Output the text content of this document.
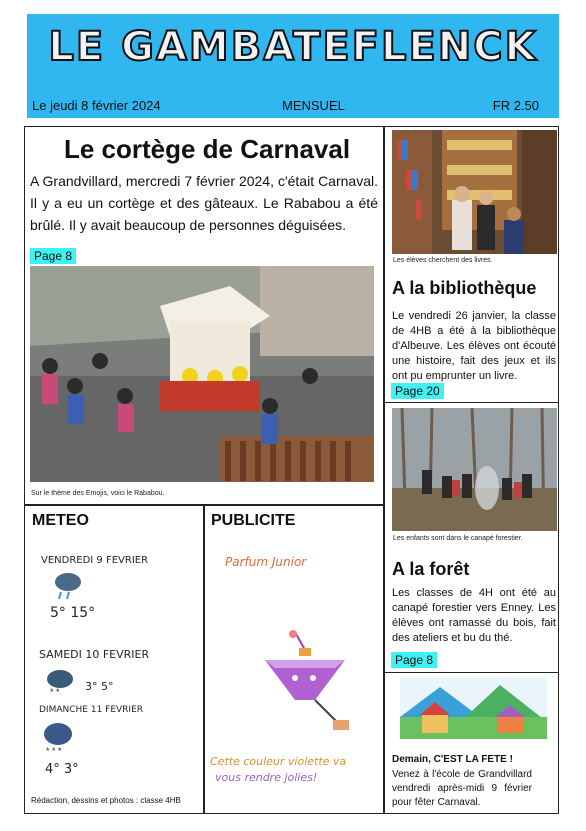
LE GAMBATEFLENCK
Le jeudi 8 février 2024	MENSUEL	FR 2.50
Le cortège de Carnaval
A Grandvillard, mercredi 7 février 2024, c'était Carnaval. Il y a eu un cortège et des gâteaux. Le Rababou a été brûlé. Il y avait beaucoup de personnes déguisées.
Page 8
Sur le thème des Emojis, voici le Rababou.
Les élèves cherchent des livres.
A la bibliothèque
Le vendredi 26 janvier, la classe de 4HB a été à la bibliothèque d'Albeuve. Les élèves ont écouté une histoire, fait des jeux et ils ont pu emprunter un livre.
Page 20
Les enfants sont dans le canapé forestier.
A la forêt
Les classes de 4H ont été au canapé forestier vers Enney. Les élèves ont ramassé du bois, fait des ateliers et bu du thé.
Page 8
Demain, C'EST LA FETE !
Venez à l'école de Grandvillard vendredi après-midi 9 février pour fêter Carnaval.
METEO
VENDREDI 9 FEVRIER
5° 15°
SAMEDI 10 FEVRIER
* * 3° 5°
DIMANCHE 11 FEVRIER
* * *
4° 3°
PUBLICITE
Parfum Junior
Cette couleur violette va
vous rendre jolies!
Rédaction, dessins et photos : classe 4HB
